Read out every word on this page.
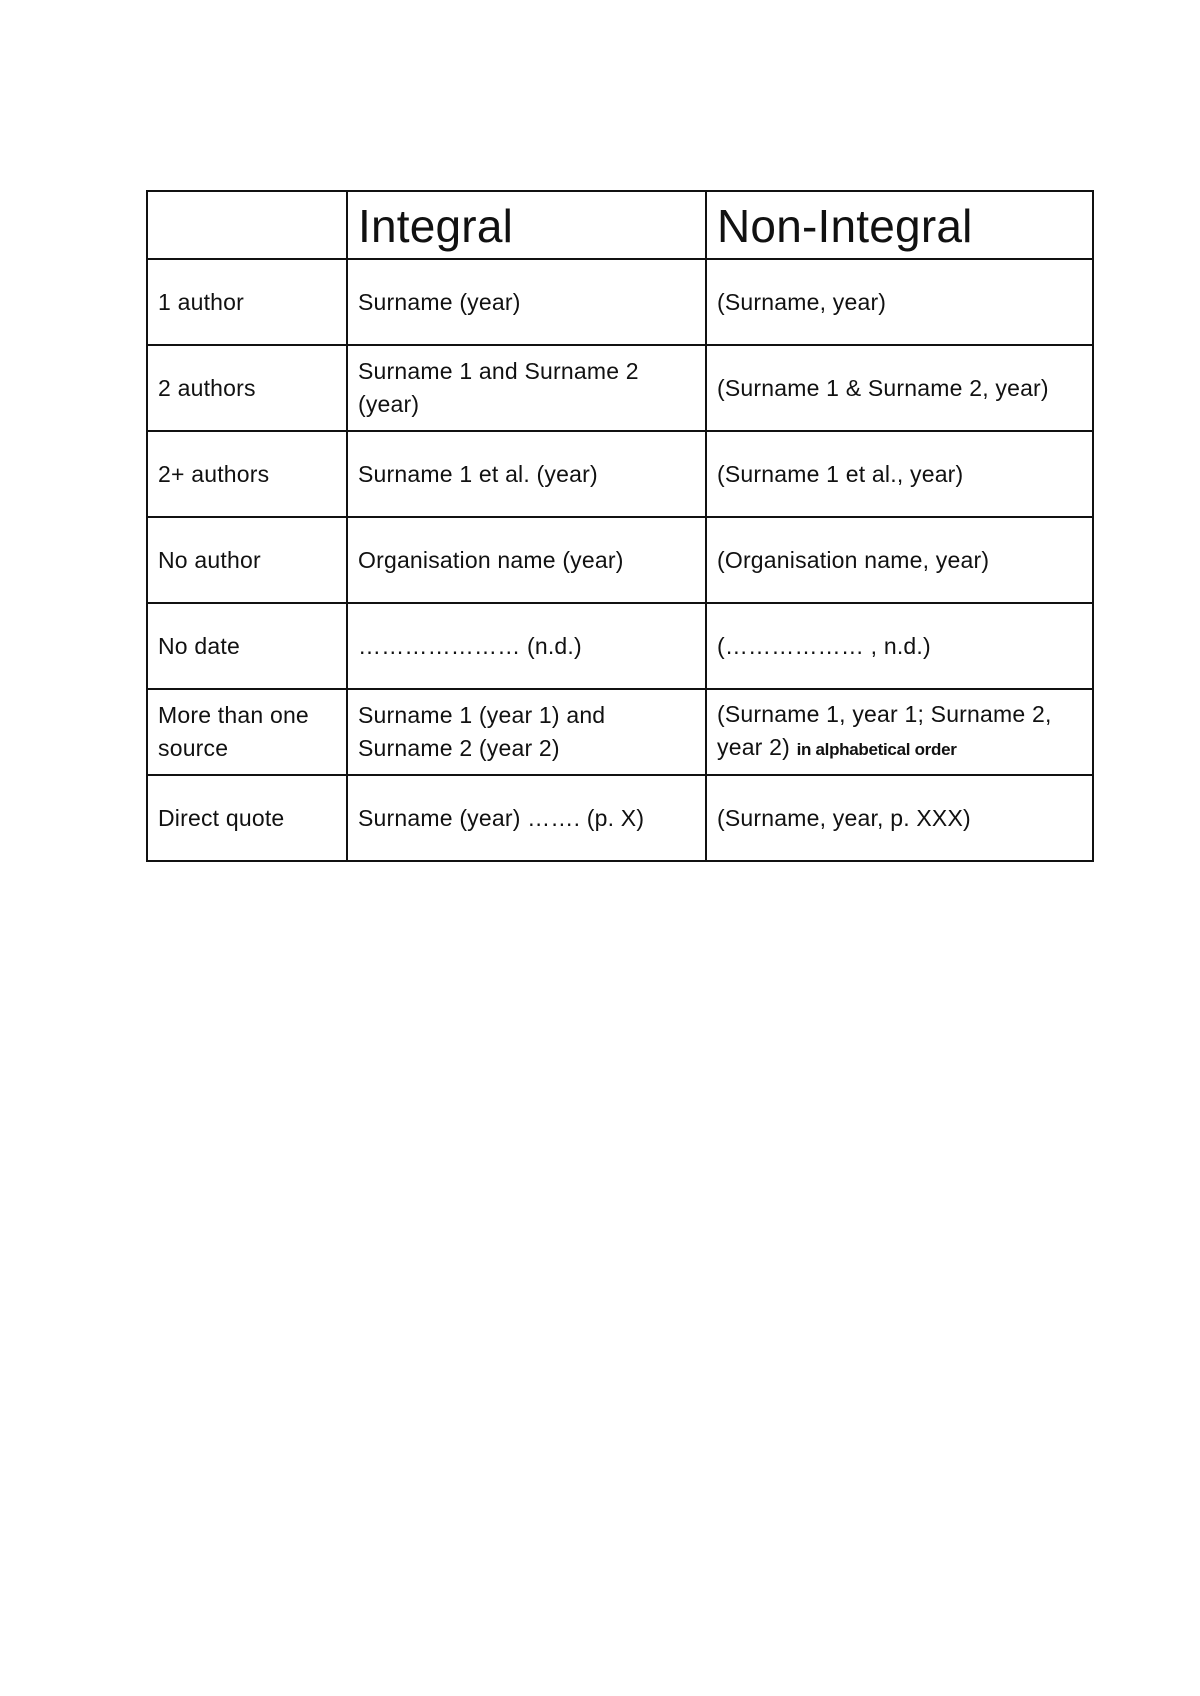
	Integral	Non-Integral
1 author	Surname (year)	(Surname, year)
2 authors	Surname 1 and Surname 2 (year)	(Surname 1 & Surname 2, year)
2+ authors	Surname 1 et al. (year)	(Surname 1 et al., year)
No author	Organisation name (year)	(Organisation name, year)
No date	………………… (n.d.)	(……………… , n.d.)
More than one source	Surname 1 (year 1) and Surname 2 (year 2)	(Surname 1, year 1; Surname 2, year 2) in alphabetical order
Direct quote	Surname (year) ……. (p. X)	(Surname, year, p. XXX)
